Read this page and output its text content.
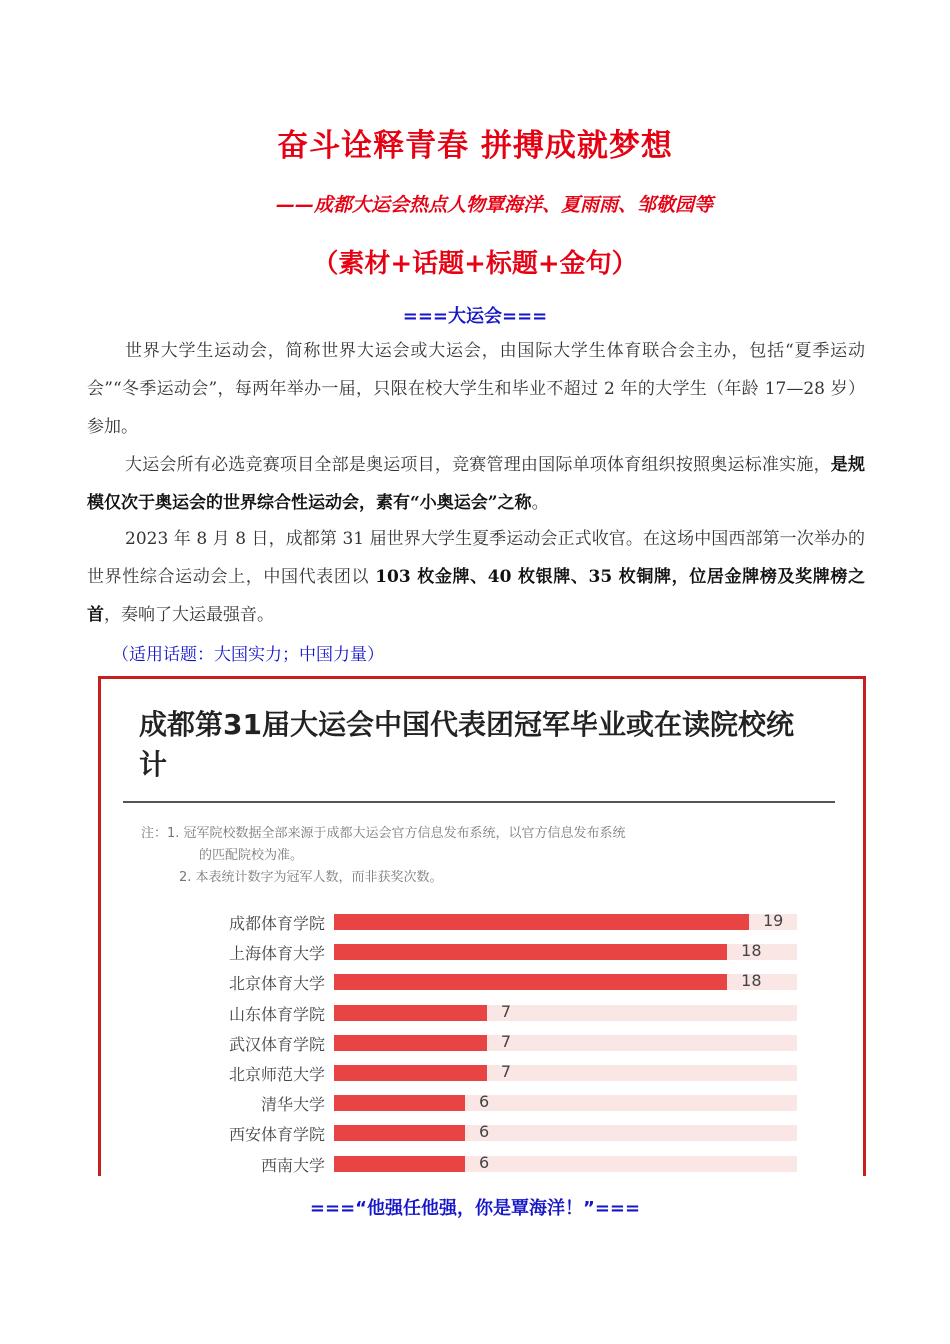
奋斗诠释青春 拼搏成就梦想
——成都大运会热点人物覃海洋、夏雨雨、邹敬园等
（素材+话题+标题+金句）
===大运会===
世界大学生运动会，简称世界大运会或大运会，由国际大学生体育联合会主办，包括“夏季运动会”“冬季运动会”，每两年举办一届，只限在校大学生和毕业不超过 2 年的大学生（年龄 17—28 岁）参加。
大运会所有必选竞赛项目全部是奥运项目，竞赛管理由国际单项体育组织按照奥运标准实施，是规模仅次于奥运会的世界综合性运动会，素有“小奥运会”之称。
2023 年 8 月 8 日，成都第 31 届世界大学生夏季运动会正式收官。在这场中国西部第一次举办的世界性综合运动会上，中国代表团以 103 枚金牌、40 枚银牌、35 枚铜牌，位居金牌榜及奖牌榜之首，奏响了大运最强音。
（适用话题：大国实力；中国力量）
成都第31届大运会中国代表团冠军毕业或在读院校统计
注：1. 冠军院校数据全部来源于成都大运会官方信息发布系统，以官方信息发布系统
的匹配院校为准。
2. 本表统计数字为冠军人数，而非获奖次数。
成都体育学院	19
上海体育大学	18
北京体育大学	18
山东体育学院	7
武汉体育学院	7
北京师范大学	7
清华大学	6
西安体育学院	6
西南大学	6
===“他强任他强，你是覃海洋！”===
